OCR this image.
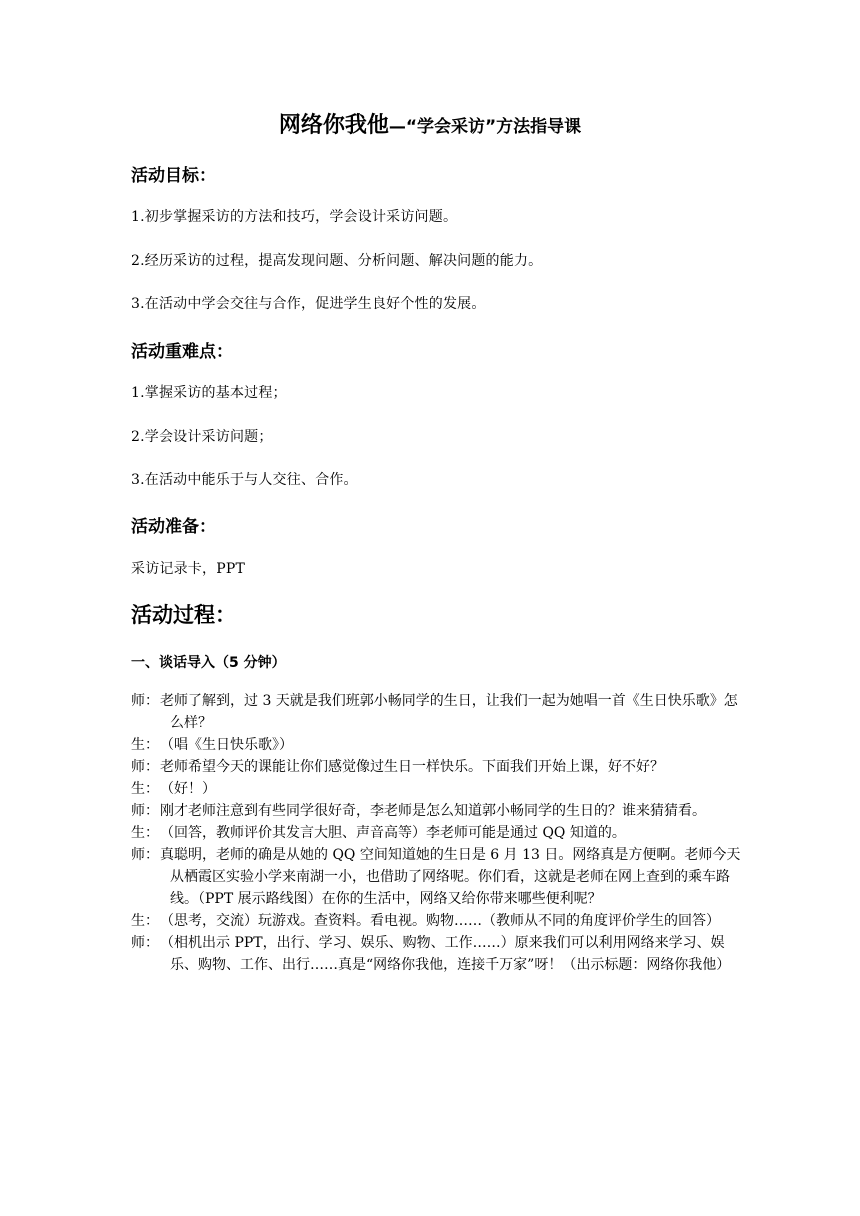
网络你我他—“学会采访”方法指导课
活动目标：
1.初步掌握采访的方法和技巧，学会设计采访问题。
2.经历采访的过程，提高发现问题、分析问题、解决问题的能力。
3.在活动中学会交往与合作，促进学生良好个性的发展。
活动重难点：
1.掌握采访的基本过程；
2.学会设计采访问题；
3.在活动中能乐于与人交往、合作。
活动准备：
采访记录卡，PPT
活动过程：
一、谈话导入（5 分钟）
师： 老师了解到，过 3 天就是我们班郭小畅同学的生日，让我们一起为她唱一首《生日快乐歌》怎么样？
生： （唱《生日快乐歌》）
师： 老师希望今天的课能让你们感觉像过生日一样快乐。下面我们开始上课，好不好？
生： （好！）
师： 刚才老师注意到有些同学很好奇，李老师是怎么知道郭小畅同学的生日的？谁来猜猜看。
生： （回答，教师评价其发言大胆、声音高等）李老师可能是通过 QQ 知道的。
师： 真聪明，老师的确是从她的 QQ 空间知道她的生日是 6 月 13 日。网络真是方便啊。老师今天从栖霞区实验小学来南湖一小，也借助了网络呢。你们看，这就是老师在网上查到的乘车路线。（PPT 展示路线图）在你的生活中，网络又给你带来哪些便利呢？
生： （思考，交流）玩游戏。查资料。看电视。购物……（教师从不同的角度评价学生的回答）
师： （相机出示 PPT，出行、学习、娱乐、购物、工作……）原来我们可以利用网络来学习、娱乐、购物、工作、出行……真是“网络你我他，连接千万家”呀！（出示标题：网络你我他）
